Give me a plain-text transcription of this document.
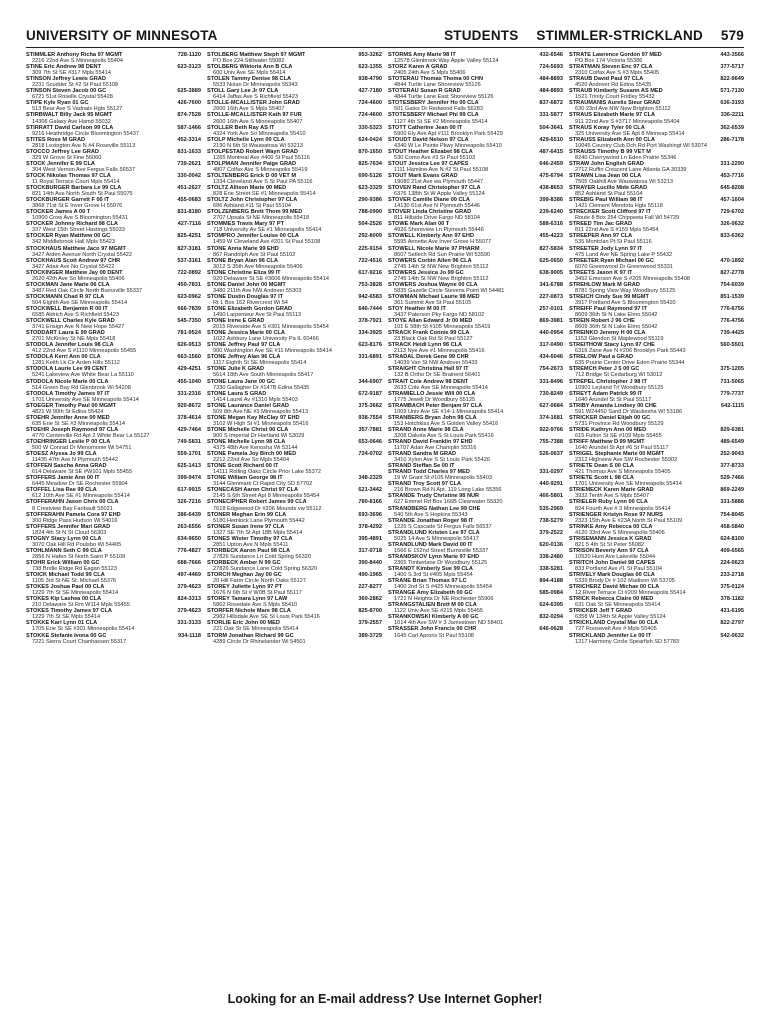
UNIVERSITY OF MINNESOTA	STUDENTS STIMMLER-STRICKLAND 579
STIMMLER Anthony Richa 97 MGMT	728-1120
2216 22nd Ave S Minneapolis 55404
STINE Eric Andrew 98 DENT	623-3123
309 7th St SE #317 Mpls 55414
STINSON Jeffrey Lewis GRAD
2231 Scudder St #2 St Paul 55108
STINSON Steven Jacob 00 GC	625-3889
6721 51st Roselle Crystal 55428
STIPE Kyle Ryan 01 GC	426-7600
513 Bear Ave S Vadnais Hgts 55127
STIRBWALT Billy Jack 95 MGMT	874-7528
14306 Galaxy Ave Hamd 55032
STIRRATT David Carlson 99 CLA	587-1466
9216 Heathridge Circle Bloomington 55437
STITES Ross M GRAD	452-3314
2818 Lexington Ave N #4 Roseville 55113
STOCCO Jeffrey Lee GRAD	831-1633
329 W Grove St Fine 56060
STOCK Jennifer E 99 CLA	739-2621
304 West Vernon Ave Fergus Falls 56537
STOCK Nikolas Thomas 97 CLA	330-0042
11 Royal Terrace Court Mpls 55414
STOCKBURGER Barbara Le 99 CLA	451-2627
821 14th Ave North South St Paul 55075
STOCKBURGER Garrett F 00 IT	455-0683
3868 71st St E Inver Grove H 55076
STOCKER James A 00 T	831-8180
10900 Crow Ave S Bloomington 55431
STOCKER Johnny Richard 98 CLA	427-7116
337 West 15th Street Hastings 55033
STOCKER Ryan Matthew 00 GC	825-4251
342 Middlebrook Hall Mpls 55423
STOCKHAUS Matthew Jaco 97 MGMT	827-3181
3427 Arden Avenue North Crystal 55422
STOCKHAUS Scott Andrew 97 CHR	537-3161
3427 Adair Ave No Crystal 55422
STOCKINGER Matthew Jay 00 DENT	722-0892
2620 42th Ave So Minneapolis 55406
STOCKMAN Jane Marie 06 CLA	450-7831
3487 Red Oak Circle North Burnsville 55337
STOCKMANN Chad R 97 CLA	623-0962
504 Eighth Ave SE Minneapolis 55414
STOCKWELL Benjamin R 00 IT	666-7839
6585 Aldrich Ave S Richfield 55423
STOCKWELL Charles Kyle GRAD	545-7350
3741 Ensign Ave N New Hope 55427
STODDART Laura E 99 GRAD	781-9524
2701 McKinley St NE Mpls 55418
STODOLA Jennifer Louis 98 CLA	626-9513
412 22nd Ave S #1110 Minneapolis 55455
STODOLA Kerri Ann 00 CLA	663-1560
1281 Keith Lk Cir Arden Hills 55112
STODOLA Laurie Lee 99 CENT	429-4251
5241 Lakeview Ave White Bear La 55110
STODOLA Nicole Marie 00 CLA	455-1040
514 Green Bay Rd Glenbrook Wi 54208
STODOLA Timothy James 97 IT	331-2316
1701 University Ave SE Minneapolis 55414
STOEGER Timothy Paul 00 MGMT	920-8672
4821 W 90th St Edina 55424
STOEHR Jennifer Anne 00 MED	378-4614
635 Erie St SE #3 Minneapolis 55414
STOEHR Joseph Raymond 97 CLA	429-7464
4770 Centerville Rd Apt 2 White Bear La 55127
STOEHRINGER Leslie P 00 CLA	749-5831
500 W Conrad Dr Menomonie Wi 54751
STOESZ Alyssa Jo 99 CLA	559-1701
11435 47th Ave N Plymouth 55442
STOFFEN Sascha Anna GRAD	625-1413
614 Delaware St SE #W101 Mpls 55455
STOFFERS Jamie Ann 00 IT	399-9474
6445 Meadow Dr SE Rochester 55904
STOFFEL Lisa Rae 99 CLA	617-9915
612 10th Ave SE #1 Minneapolis 55414
STOFFERAHN Jason Chris 00 CLA	326-7216
8 Crestview Bay Faribault 55021
STOFFERAHN Pamela Cora 97 EHD	386-6439
300 Ridge Pass Hudson Wi 54016
STOFFERS Jennifer Mari GRAD	263-6556
1824 4th St N St Cloud 56303
STOGNY Stacy Lynn 00 CLA	634-9650
3070 Oak Hill Rd Poulsbo Wi 54405
STOHLMANN Seth C 99 CLA	776-4827
2856 N Hafen St North Saint P 55109
STOHR Erick William 00 GC	688-7666
738 Bridle Ridge Rd Eagan 55123
STOICK Michael Todd 99 CLA	497-4469
1105 3rd St NE St. Michael 55376
STOKES Joshua Paul 00 CLA	379-4623
1229 7th St SE Minneapolis 55414
STOKES Kip Lashea 00 CLA	824-3313
210 Delaware St Rm W114 Mpls 55455
STOKES Timothy James 97 CLA	379-4623
1229 7th St SE Mpls 55414
STOKKE Kari Lynn 01 CLA	331-3133
1705 Erie St SE #301 Minneapolis 55414
STOKKE Stefanie Ivona 00 GC	934-1118
7221 Sierra Court Chanhassen 55317
STOLBERG Matthew Steph 97 MGMT	953-3262
PO Box 224 Stillwater 55082
STOLBERG Wiktoria Ann B CLA	623-1355
600 Univ Ave SE Mpls 55414
STOLEN Tammy Denise 98 CLA	938-4790
5533 Nolan Dr Minneapolis 55343
STOLL Gary Lee Jr 97 CLA	427-7180
6414 Jaffas Ave S Richfield 55423
STOLLE-MCALLISTER John GRAD	724-4600
2600 16th Ave S Mpls 55407
STOLLE-MCALLISTER Kath 97 FUR	724-4600
2600 16th Ave S Minneapolis 55407
STOLLER Beth Ray AS IT	330-5323
4324 York Ave So Minneapolis 55410
STOLP Michelle Lynn 00 CLA	624-0424
2190 N 6th St Wauwatosa Wi 53213
STOLPESTAD Robert Wayn GRAD	870-1650
1265 Montreal Ave #400 St Paul 55116
STOLPMAN Jennifer Paige GRAD	825-7634
4807 Colfax Ave S Minneapolis 55419
STOLTENBERG Erick D 00 VET M	690-5126
1334 Cleveland Ave S St Paul PA 55116
STOLTZ Allison Marie 00 MED	623-3329
828 Erie Street SE #1 Minneapolis 55414
STOLTZ John Christopher 97 CLA	290-9386
686 Ashland #11 St Paul 55104
STOLZENBERG Brett Thom 99 MED	788-0990
2707 Upsala St NE Minneapolis 55418
STOMMES Travis Mary 97 PT	504-2526
718 University Av SE #1 Minneapolis 55414
STOMPRO Jennifer Louise 00 CLA	292-8009
1459 W Cleveland Ave #201 St Paul 55108
STONE Anna Marie 99 EHD	225-9154
867 Randolph Ave St Paul 55102
STONE Bryan Alan 96 CLA	722-4516
3012 S 35th Ave Minneapolis 55406
STONE Christine Eliza 99 IT	617-9216
920 Delaware St SE #3606 Minneapolis 55414
STONE Daniel John 00 MGMT	753-3828
3480 211th Ave NW Andover 55303
STONE Dustin Douglas 97 IT	942-6583
Rt 1 Box 162 Rivercrest Wi 54
STONE Elizabeth Gordon GRAD	646-7444
1490 Larpenteur Ave St Paul 55113
STONE Irene E GRAD	378-7921
2015 Riverside Ave S #301 Minneapolis 55454
STONE Jessica Marie 00 CLA	334-3925
1022 Ashbury Lane University Pa IL 60466
STONE Jeffrey Paul 97 CLA	623-8176
900 Washington Ave SE #11 Minneapolis 55414
STONE Jeffrey Alan 96 CLA	331-6891
1117 Eighth St SE Minneapolis 55414
STONE Julie K GRAD
5614 18th Ave South Minneapolis 55417
STONE Laura Jane 00 GC	344-6907
7330 Gallagher Dr #147B Edina 55435
STONE Laura S GRAD	672-9187
1414 Laurel Av #1310 Mpls 55403
STONE Laurance Daniel GRAD	375-3662
509 8th Ave NE #3 Minneapolis 55413
STONE Megan Kay McClay 97 EHD	938-7554
3102 W High St #1 Minneapolis 55416
STONE Michelle Christ 00 CLA	357-7881
900 S Imperial Dr Hartland Wi 53029
STONE Michelle Lynn 98 CLA	653-0646
4375 48th Ave Kenosha Wi 53144
STONE Pamela Joy Birch 00 MED	724-0702
2212 22nd Ave So Mpls 55404
STONE Scott Richard 00 IT
14111 Rolling Oaks Circle Prior Lake 55372
STONE William George 98 IT	348-2329
3144 Glenmark Ct Rapid City SD 57702
STONECASH Aaron Christ 97 CLA	621-3442
2145 S 6th Street Apt 8 Minneapolis 55454
STONECIPHER Robert James 99 CLA	780-8166
7618 Edgewood Dr #206 Mounds vw 55112
STONER Meghan Erin 99 CLA	693-3696
5180 Hemlock Lane Plymouth 55442
STONER Susan Irene 97 CLA	378-4292
1327 SE 7th St Apt 18B Mpls 55414
STONES Wister Timothy 97 CLA	395-4891
2851 Upton Ave N Mpls 55411
STORBECK Aaron Paul 98 CLA	317-0718
27826 Sundance Ln Cold Spring 56320
STORBECK Amber N 99 GC	390-8440
27826 Sundance Lane Cold Spring 56320
STORCH Meghan Jay 00 GC	490-1965
20 Hill Farm Circle North Oaks 55127
STOREY Juliette Lynn 97 PT	227-8277
1676 N 6th St # W0B St Paul 55117
STOREY Tamara Lynn 97 LAW	360-2862
5862 Rosedale Ave S Mpls 55410
STORFER Nichole Mare 98 CLA	825-8700
2982 Hillsdale Ave SE St Louis Park 55416
STORLIE Eric John 00 MED	379-2557
221 Oak St SE Minneapolis 55414
STORM Jonathan Richard 99 GC	389-3729
4289 Circle Dr Rhinelander Wi 54501
STORMS Amy Marie 98 IT	432-6546
12578 Glenbrook Way Apple Valley 55124
STORZ Karen A GRAD	724-5693
2405 24th Ave S Mpls 55406
STOTERAU Thomas Thoma 00 CHN	484-8893
4844 Turtle Lane Shoreview 55126
STOTERAU Susan R GRAD	484-8893
4844 Turtle Lane East Shoreview 55126
STOTESBERY Jennifer Ho 00 CLA	837-6872
501 Gates Dr Redwood Falls 56283
STOTESBERY Michael Phi 99 CLA	331-5877
1127 4th St SE #2 Minneapolis 55414
STOTT Catherine Jean 00 IT	504-3641
5900 Ely Ave Apt #111 Brooklyn Park 55429
STOUDT David Nelson 97 CLA	429-6510
4340 W Le Pointe Pkwy Minneapolis 55410
STOUT Heather Elizabet 98 CLA	487-6415
530 Como Ave #3 St Paul 55103
STOUT Jessica Lee 97 CAPES	646-2459
1111 Hamline Ave N #2 St Paul 55108
STOUT Mark Evans GRAD	475-6794
19080 21st Ave wa Plymouth 55447
STOVEN Rand Christopher 97 CLA	438-8653
6376 138th St W Apple Valley 55124
STOVER Camille Diane 00 CLA	399-8386
14130 61st Ave N Plymouth 55446
STOVER Linda Christine GRAD	239-6240
811 Hillside Drive Fargo ND 58104
STOWE Mark Alan 00 T	588-6316
4926 Shoreview Ln Plymouth 55446
STOWELL Kimberly Ann 97 EHD	455-4223
5595 Annette Ave Inver Grove H 55077
STOWELL Nicole Marie 97 PHARM	827-5834
8607 Setlech Rd Sun Prairie WI 53590
STOWERS Corbin Allen 96 CLA	625-0650
2745 14th St NW New Brighton 55112
STOWERS Jessica Jo 99 GC	638-9005
2745 14th St NW New Brighton 55112
STOWERS Joshua Wayne 00 CLA	341-6788
5835 Gazelle Circle Stevens Point WI 54481
STOWMAN Michael Laurie 98 MED	227-0873
361 Summit Ave St Paul 55105
STOY Heather M 00 IT	257-0101
3437 Paterson Pky Fargo ND 58102
STOYE Allan Edward Jr 00 MED	869-3981
101 E 58th St #105 Minneapolis 55419
STRACK Frank Connie 99 CLA	440-0954
23 Black Oak Rd St Paul 55127
STRACK Heidi Lynn 98 CLA	317-0490
2113 Nye Ave #1 Minneapolis 55416
STRADAL Derek Gene 99 CHR	434-6046
14039 Van St NW Andover 55433
STRAIGHT Christina Hall 97 IT	754-2673
132 B Ortho Dr SE Brainerd 56401
STRAIT Cole Andrew 98 DENT	331-8496
2633 Cole Ave SE Minneapolis 55414
STRAMIELLO Jessie Will 00 CLA	730-8249
1775 Jewell Dr Woodbury 55125
STRAMBACH Peter Benjam 97 CLA	627-0684
1009 Univ Ave SE #14-1 Minneapolis 55414
STRANBERG Bryan John 98 CLA	374-1681
153 Hotchkiss Ave S Golden Valley 55416
STRAND Anne Marie 98 CLA	922-9766
3208 Dakota Ave S St Louis Park 55416
STRAND David Franklin 97 EHD	755-7388
11707 Adair Ave Champlin 55316
STRAND Sandra M GRAD	526-0637
3410 Xylon Ave S St Louis Park 55426
STRAND Steffan Se 00 IT
STRAND Todd Charles 97 MED	331-0297
19 W Grant St #105 Minneapolis 55403
STRAND Troy Scott 97 CLA	440-9291
216 Brown Rd N Apt. 119 Long Lake 55356
STRANDE Trudy Christine 98 NUR	466-5801
627 Emmel Rd Box 166B Clearwater 55320
STRANDBERG Nathan Lee 99 CHE	535-2969
540 5th Ave S Hopkins 55343
STRANDE Jonathan Roger 98 IT	738-5279
1225 S Cascade St Fergus Falls 56537
STRANDLUND Kristen Lee 97 CLA	379-2522
5025 14 Ave S Minneapolis 55417
STRANDLUND Mark David 00 IT	620-0136
1566 E 152nd Street Burnsville 55337
STRANDSKOV Lynn Marie 97 EHD	338-2480
2365 Timberlane Dr Woodbury 55125
STRANDT Kimberly Sue 99 CLA	338-5281
1400 S 3rd St #405 Mpls 55454
STRANE Brian Thomas 97 LC	894-4188
1400 2nd St S #425 Minneapolis 55454
STRANGE Amy Elizabeth 00 GC	585-0984
1721 N Heights Dr NE Rochester 55906
STRANGSTALIEN Brett M 00 CLA	624-6395
1122 Univ Ave SE #215 Mpls 55455
STRANKOWSKI Kimberly A 00 GC	832-0294
1014 4th Ave SW # 3 Jamestown ND 58401
STRASSER John Francis 00 CHR	646-0628
1645 Carl Aprons St Paul 55108
STRATE Lawrence Gordon 97 MED	443-3566
PO Box 174 Victoria 55386
STRATMAN Steven Enc 97 CLA	377-5717
2310 Colfax Ave S #3 Mpls 55405
STRAUB David Paul 97 CLA	822-9649
4520 Andover Rd Edina 55435
STRAUB Kimberly Susann AS MED	571-7130
1521 Trinity Court Fridley 55432
STRAUMANIS Aurelis Sieur GRAD	636-3193
630 23rd Ave NW New Brighton 55112
STRAUS Elizabeth Marie 97 CLA	336-2211
911 22nd Ave S #3717 Minneapolis 55404
STRAUS Koray Tyler 00 CLA	362-6539
325 University Ave SE Apt 8 Minneap 55414
STRAUSS Elizabeth Ann 00 CLA	286-7178
10045 Country Club Dch Rd Port Washingt WI 53074
STRAUSS Timothy B 99 VET M
8240 Cherrywood Ln Eden Prairie 55346
STRAW John English GRAD	331-2290
2712 Ruffin Crescent Lane Atlanta GA 30339
STRAWN Lisa Jean 00 CLA	453-7716
7505 Oakhill Ave Wauwatosa WI 53213
STRAYER Lucillo Mide GRAD	645-8208
852 Ashland St Paul 55104
STREBIG Paul William 98 IT	457-1604
1421 Clement Mendota Hgts 55118
STRECKER Scott Clifford 97 IT	729-6702
Route 8 Box 254 Chippewa Fall WI 54729
STREED Tim Jac GRAD	326-0632
811 22nd Ave S #159 Mpls 55454
STREEPER Ann 97 CLA	833-6362
535 Montclan Pt St Paul 55116
STREETER Jody Lynn 97 IT
475 Lund Ave NE Spring Lake P 55432
STREETER Ryan Michael 00 GC	470-1892
6070 Greenwood Dr Greenwood 55331
STREETS Jason K 97 IT	827-2778
3452 Emerson Ave S #205 Minneapolis 55408
STREHLOW Mark M GRAD	754-6039
8781 Spring View Way Woodbury 55125
STREICH Cindy Sue 99 MGMT	851-1539
3917 Portland Ave S Bloomington 55420
STREIFF Paul Raymond 97 IT	776-6756
8609 36th St N Lake Elmo 55042
STREIN Robert J 96 CHE	776-4756
8609 36th St N Lake Elmo 55042
STREINKO Jeremy H 00 CLA	739-4425
1153 Glendon St Maplewood 55119
STREITHOW Stacy Lynn 97 CHE	560-5501
6316 Zane Ave N #206 Brooklyn Park 55443
STRELOW Paul a GRAD
635 Prairie Center Drive Eden Prairie 55344
STREMCH Peter J 5 00 GC	375-1205
712 Bridge St Cedarburg WI 53012
STREPEL Christopher J 98 IT	731-5065
10901 Leyland Trl Woodbury 55125
STREYT Adam Patrick 99 IT	779-7737
1640 Arundel St St Paul 55117
STRIBY Amanda Lindsey 00 CHE	642-1115
591 W24450 Sand Dr Waukesha WI 53186
STRICKER Daniel Elijah 00 GC
5731 Province Rd Woodbury 55129
STRIDE Kathryn Ann 00 MED	829-6381
615 Fulton St SE #109 Mpls 55455
STRIFF Matthew D 99 MGMT	489-6549
1640 Arundel St Apt #6 St Paul 55117
STRIGEL Stephanie Marie 00 MGMT	252-9043
2312 Highview Ave SW Rochester 55902
STRIETE Dean S 00 CLA	377-8733
421 Thomas Ave S Minneapolis 55405
STRIETE Scott L 98 CLA	529-7466
1701 University Ave SE Minneapolis 55414
STRIEMECK Karen Marie GRAD	869-2249
3932 Tenth Ave S Mpls 55407
STRIELER Ruby Lynn 00 CLA	331-5886
824 Fourth Ave # 3 Minneapolis 55414
STRIENGER Kristyn Rose 97 NURS	754-8045
2323 15th Ave E #23A North St Paul 55109
STRINKE Amy Rebecca 00 CLA	458-5840
4120 33rd Ave S Minneapolis 55406
STRISEMANN Jessica K GRAD	624-8100
821 5 4th St St Peter 56082
STRISON Beverly Ann 97 CLA	409-6565
10520 Hunt Ave Lakeville 55044
STRITCH John Daniel 98 CAPES	224-0623
833 Portland Ave #1 St Paul 55104
STRIVELY Mark Douglas 00 CLA	233-2718
5339 Brody Dr # 102 Madison WI 53705
STRICHERZ David Michae 00 CLA	375-0124
12 River Terrace Ct #209 Minneapolis 55414
STRICK Rebecca Claire 00 MED	378-1182
631 Oak St SE Minneapolis 55414
STRICKER Jeff T GRAD	431-6195
6358 W 134th St Apple Valley 55124
STRICKLAND Crystal Mar 00 CLA	822-2797
727 Roosevelt Ave # Mpls 55405
STRICKLAND Jennifer Le 00 IT	542-0632
1217 Harmony Circle Spearfish SD 57783
Looking for an E-mail address? Use Internet Gopher!
